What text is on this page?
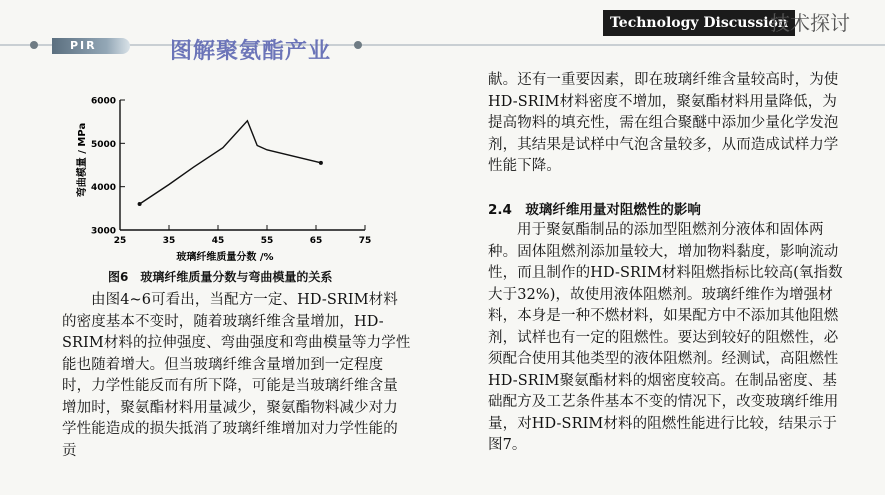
PIR	图解聚氨酯产业
Technology Discussion
技术探讨
3000
4000
5000
6000
25	35	45	55	65	75
弯曲模量 / MPa
玻璃纤维质量分数 /%
图6　玻璃纤维质量分数与弯曲模量的关系
由图4~6可看出，当配方一定、HD-SRIM材料的密度基本不变时，随着玻璃纤维含量增加，HD-SRIM材料的拉伸强度、弯曲强度和弯曲模量等力学性能也随着增大。但当玻璃纤维含量增加到一定程度时，力学性能反而有所下降，可能是当玻璃纤维含量增加时，聚氨酯材料用量减少，聚氨酯物料减少对力学性能造成的损失抵消了玻璃纤维增加对力学性能的贡
献。还有一重要因素，即在玻璃纤维含量较高时，为使HD-SRIM材料密度不增加，聚氨酯材料用量降低，为提高物料的填充性，需在组合聚醚中添加少量化学发泡剂，其结果是试样中气泡含量较多，从而造成试样力学性能下降。
2.4　玻璃纤维用量对阻燃性的影响
用于聚氨酯制品的添加型阻燃剂分液体和固体两种。固体阻燃剂添加量较大，增加物料黏度，影响流动性，而且制作的HD-SRIM材料阻燃指标比较高(氧指数大于32%)，故使用液体阻燃剂。玻璃纤维作为增强材料，本身是一种不燃材料，如果配方中不添加其他阻燃剂，试样也有一定的阻燃性。要达到较好的阻燃性，必须配合使用其他类型的液体阻燃剂。经测试，高阻燃性HD-SRIM聚氨酯材料的烟密度较高。在制品密度、基础配方及工艺条件基本不变的情况下，改变玻璃纤维用量，对HD-SRIM材料的阻燃性能进行比较，结果示于图7。
